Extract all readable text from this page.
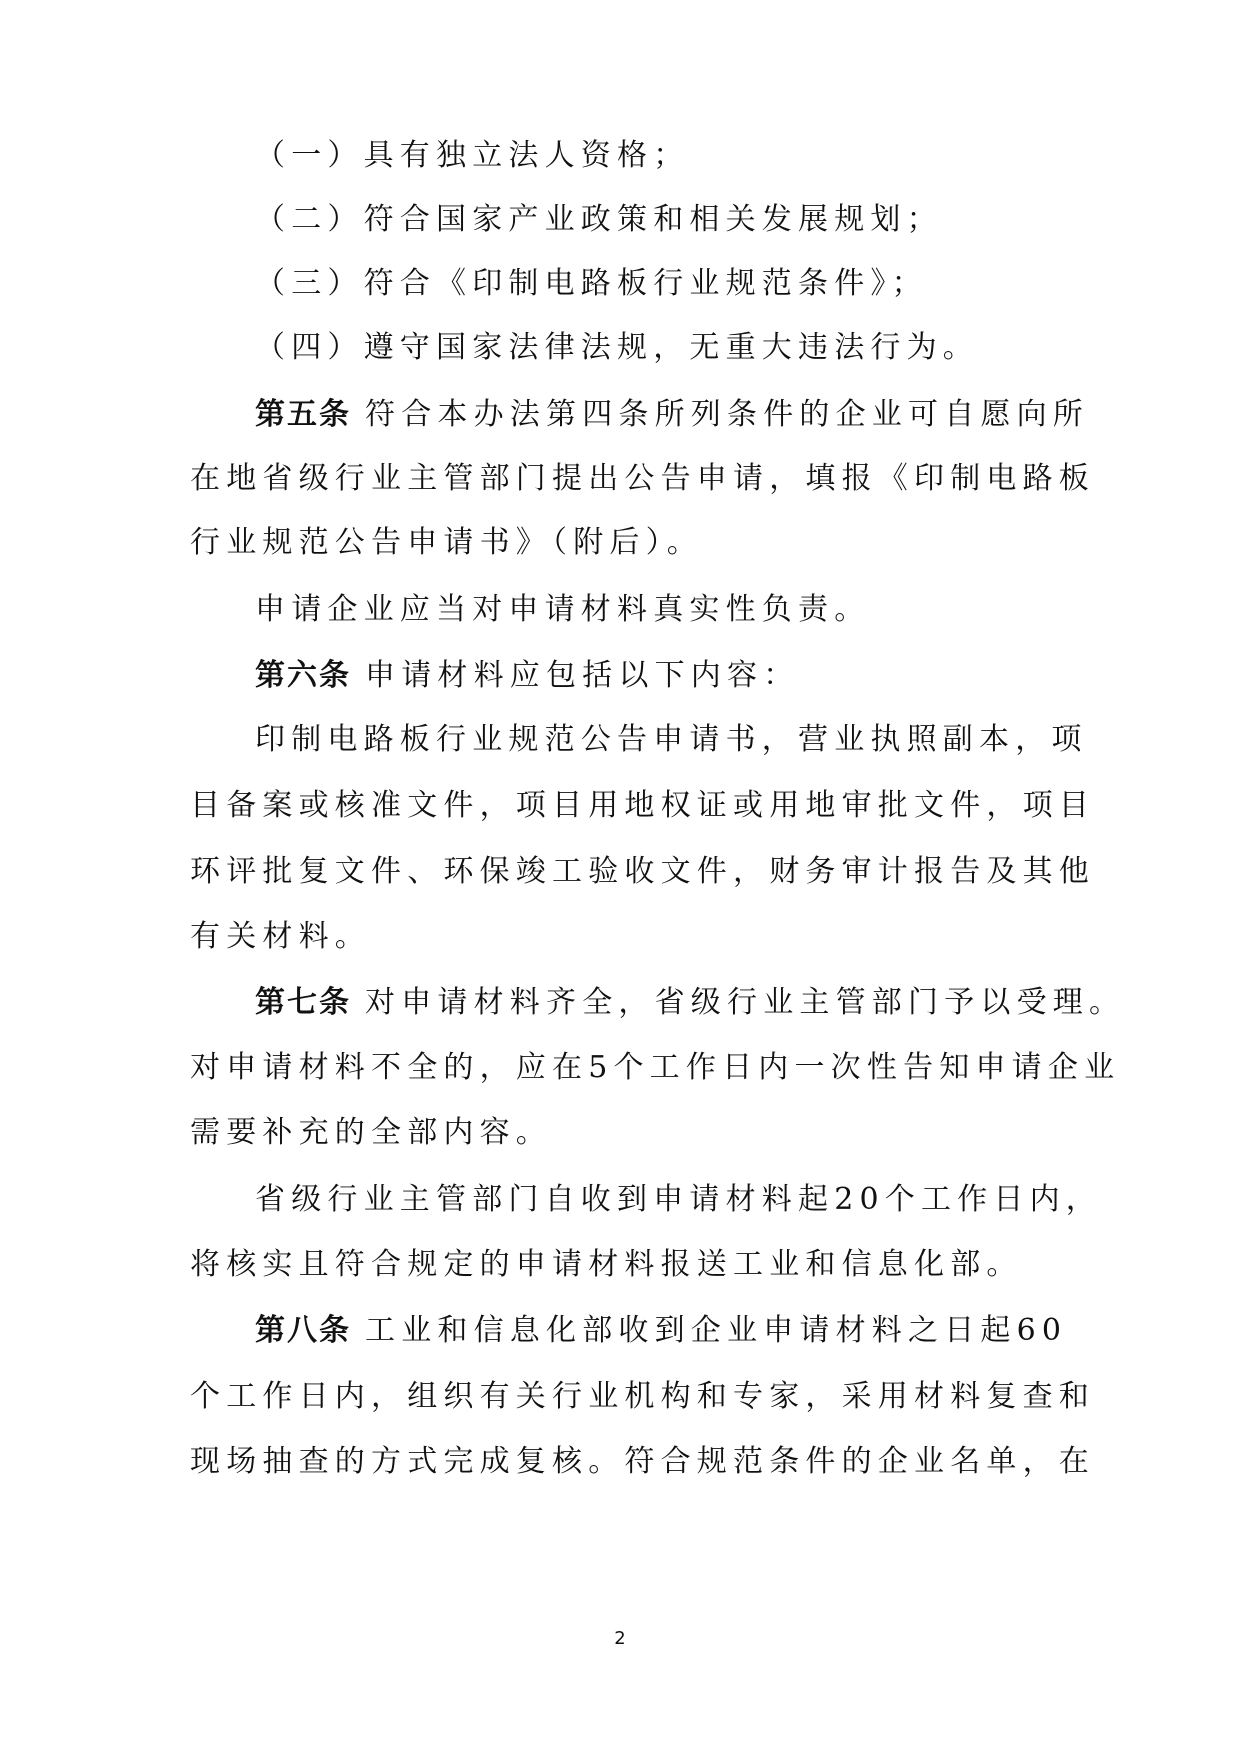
（一）具有独立法人资格；
（二）符合国家产业政策和相关发展规划；
（三）符合《印制电路板行业规范条件》；
（四）遵守国家法律法规，无重大违法行为。
第五条 符合本办法第四条所列条件的企业可自愿向所
在地省级行业主管部门提出公告申请，填报《印制电路板
行业规范公告申请书》（附后）。
申请企业应当对申请材料真实性负责。
第六条 申请材料应包括以下内容：
印制电路板行业规范公告申请书，营业执照副本，项
目备案或核准文件，项目用地权证或用地审批文件，项目
环评批复文件、环保竣工验收文件，财务审计报告及其他
有关材料。
第七条 对申请材料齐全，省级行业主管部门予以受理。
对申请材料不全的，应在5个工作日内一次性告知申请企业
需要补充的全部内容。
省级行业主管部门自收到申请材料起20个工作日内，
将核实且符合规定的申请材料报送工业和信息化部。
第八条 工业和信息化部收到企业申请材料之日起60
个工作日内，组织有关行业机构和专家，采用材料复查和
现场抽查的方式完成复核。符合规范条件的企业名单，在
2
